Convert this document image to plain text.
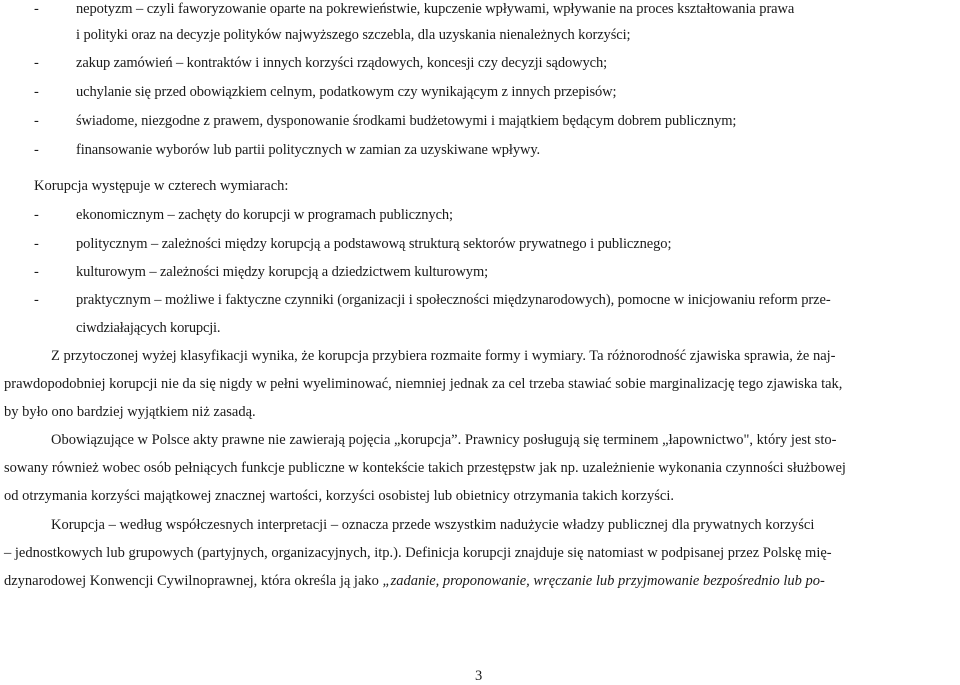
-	nepotyzm – czyli faworyzowanie oparte na pokrewieństwie, kupczenie wpływami, wpływanie na proces kształtowania prawa
i polityki oraz na decyzje polityków najwyższego szczebla, dla uzyskania nienależnych korzyści;
-	zakup zamówień – kontraktów i innych korzyści rządowych, koncesji czy decyzji sądowych;
-	uchylanie się przed obowiązkiem celnym, podatkowym czy wynikającym z innych przepisów;
-	świadome, niezgodne z prawem, dysponowanie środkami budżetowymi i majątkiem będącym dobrem publicznym;
-	finansowanie wyborów lub partii politycznych w zamian za uzyskiwane wpływy.
Korupcja występuje w czterech wymiarach:
-	ekonomicznym – zachęty do korupcji w programach publicznych;
-	politycznym – zależności między korupcją a podstawową strukturą sektorów prywatnego i publicznego;
-	kulturowym – zależności między korupcją a dziedzictwem kulturowym;
-	praktycznym – możliwe i faktyczne czynniki (organizacji i społeczności międzynarodowych), pomocne w inicjowaniu reform prze-
ciwdziałających korupcji.
Z przytoczonej wyżej klasyfikacji wynika, że korupcja przybiera rozmaite formy i wymiary. Ta różnorodność zjawiska sprawia, że naj-
prawdopodobniej korupcji nie da się nigdy w pełni wyeliminować, niemniej jednak za cel trzeba stawiać sobie marginalizację tego zjawiska tak,
by było ono bardziej wyjątkiem niż zasadą.
Obowiązujące w Polsce akty prawne nie zawierają pojęcia „korupcja”. Prawnicy posługują się terminem „łapownictwo", który jest sto-
sowany również wobec osób pełniących funkcje publiczne w kontekście takich przestępstw jak np. uzależnienie wykonania czynności służbowej
od otrzymania korzyści majątkowej znacznej wartości, korzyści osobistej lub obietnicy otrzymania takich korzyści.
Korupcja – według współczesnych interpretacji – oznacza przede wszystkim nadużycie władzy publicznej dla prywatnych korzyści
– jednostkowych lub grupowych (partyjnych, organizacyjnych, itp.). Definicja korupcji znajduje się natomiast w podpisanej przez Polskę mię-
dzynarodowej Konwencji Cywilnoprawnej, która określa ją jako „zadanie, proponowanie, wręczanie lub przyjmowanie bezpośrednio lub po-
3
